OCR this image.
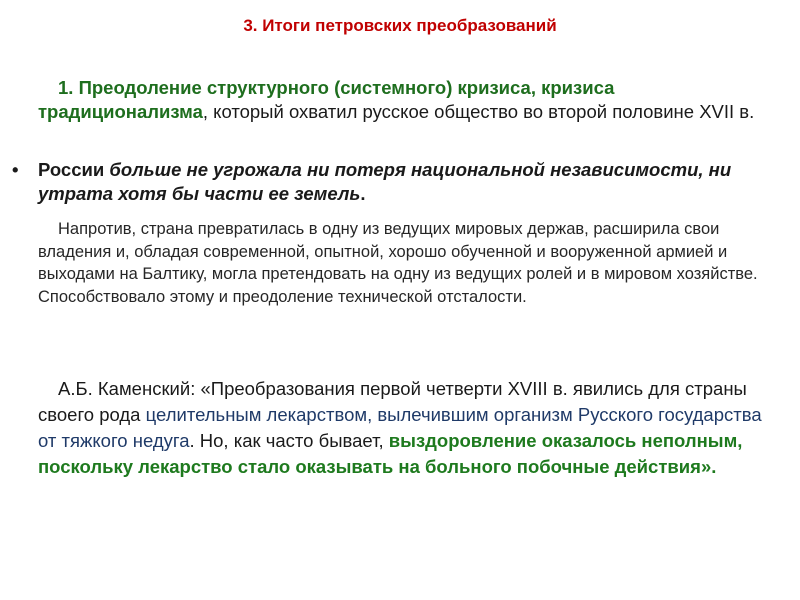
3. Итоги петровских преобразований
1. Преодоление структурного (системного) кризиса, кризиса традиционализма, который охватил русское общество во второй половине XVII в.
•	России больше не угрожала ни потеря национальной независимости, ни утрата хотя бы части ее земель.
Напротив, страна превратилась в одну из ведущих мировых держав, расширила свои владения и, обладая современной, опытной, хорошо обученной и вооруженной армией и выходами на Балтику, могла претендовать на одну из ведущих ролей и в мировом хозяйстве. Способствовало этому и преодоление технической отсталости.
А.Б. Каменский: «Преобразования первой четверти XVIII в. явились для страны своего рода целительным лекарством, вылечившим организм Русского государства от тяжкого недуга. Но, как часто бывает, выздоровление оказалось неполным, поскольку лекарство стало оказывать на больного побочные действия».
